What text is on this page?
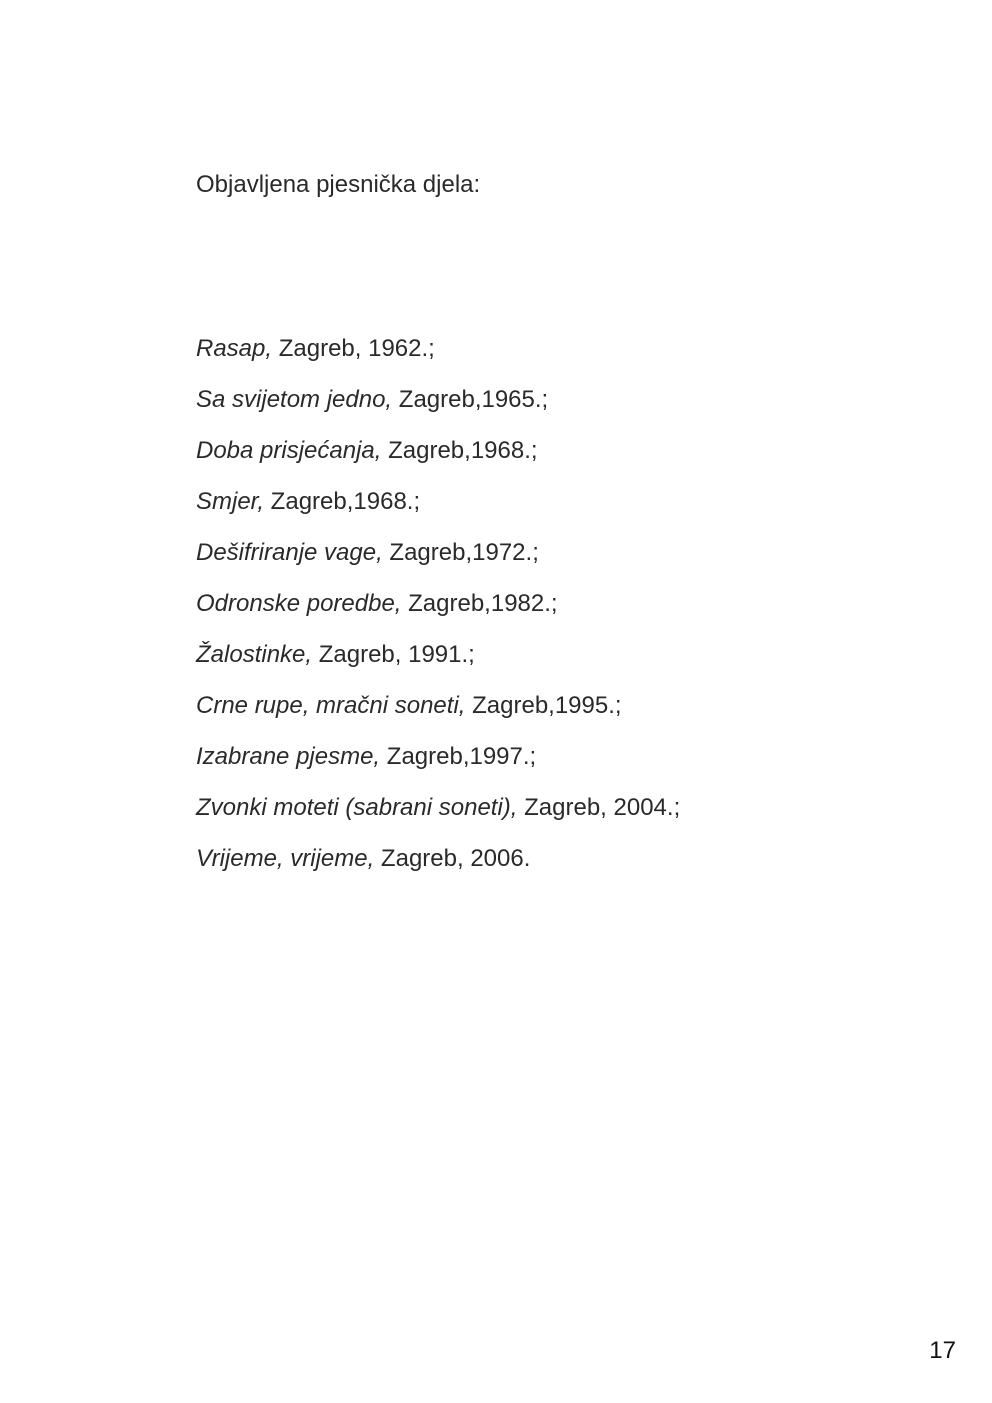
Objavljena pjesnička djela:
Rasap, Zagreb, 1962.;
Sa svijetom jedno, Zagreb,1965.;
Doba prisjećanja, Zagreb,1968.;
Smjer, Zagreb,1968.;
Dešifriranje vage, Zagreb,1972.;
Odronske poredbe, Zagreb,1982.;
Žalostinke, Zagreb, 1991.;
Crne rupe, mračni soneti, Zagreb,1995.;
Izabrane pjesme, Zagreb,1997.;
Zvonki moteti (sabrani soneti), Zagreb, 2004.;
Vrijeme, vrijeme, Zagreb, 2006.
17
